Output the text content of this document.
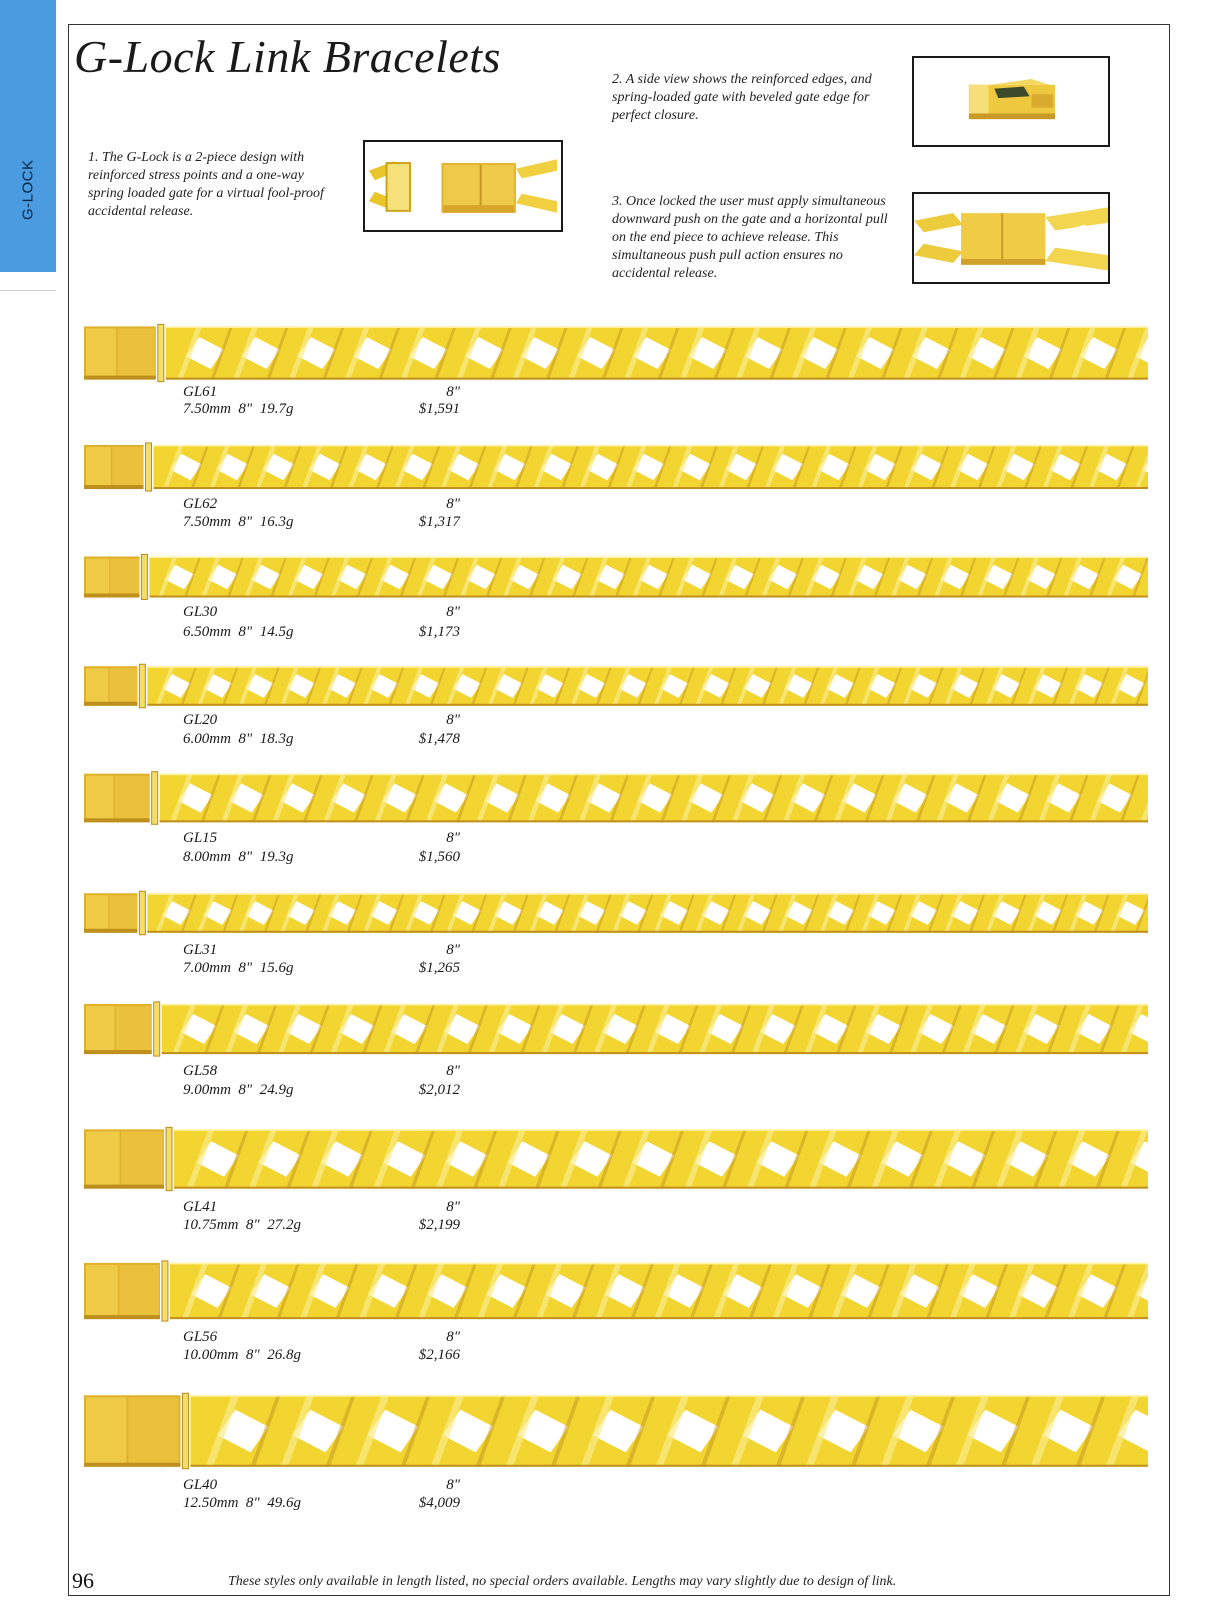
G-LOCK
G-Lock Link Bracelets
1. The G-Lock is a 2-piece design with reinforced stress points and a one-way spring loaded gate for a virtual fool-proof accidental release.
2. A side view shows the reinforced edges, and spring-loaded gate with beveled gate edge for perfect closure.
3. Once locked the user must apply simultaneous downward push on the gate and a horizontal pull on the end piece to achieve release. This simultaneous push pull action ensures no accidental release.
GL61
7.50mm 8" 19.7g
8"
$1,591
GL62
7.50mm 8" 16.3g
8"
$1,317
GL30
6.50mm 8" 14.5g
8"
$1,173
GL20
6.00mm 8" 18.3g
8"
$1,478
GL15
8.00mm 8" 19.3g
8"
$1,560
GL31
7.00mm 8" 15.6g
8"
$1,265
GL58
9.00mm 8" 24.9g
8"
$2,012
GL41
10.75mm 8" 27.2g
8"
$2,199
GL56
10.00mm 8" 26.8g
8"
$2,166
GL40
12.50mm 8" 49.6g
8"
$4,009
96	These styles only available in length listed, no special orders available. Lengths may vary slightly due to design of link.
